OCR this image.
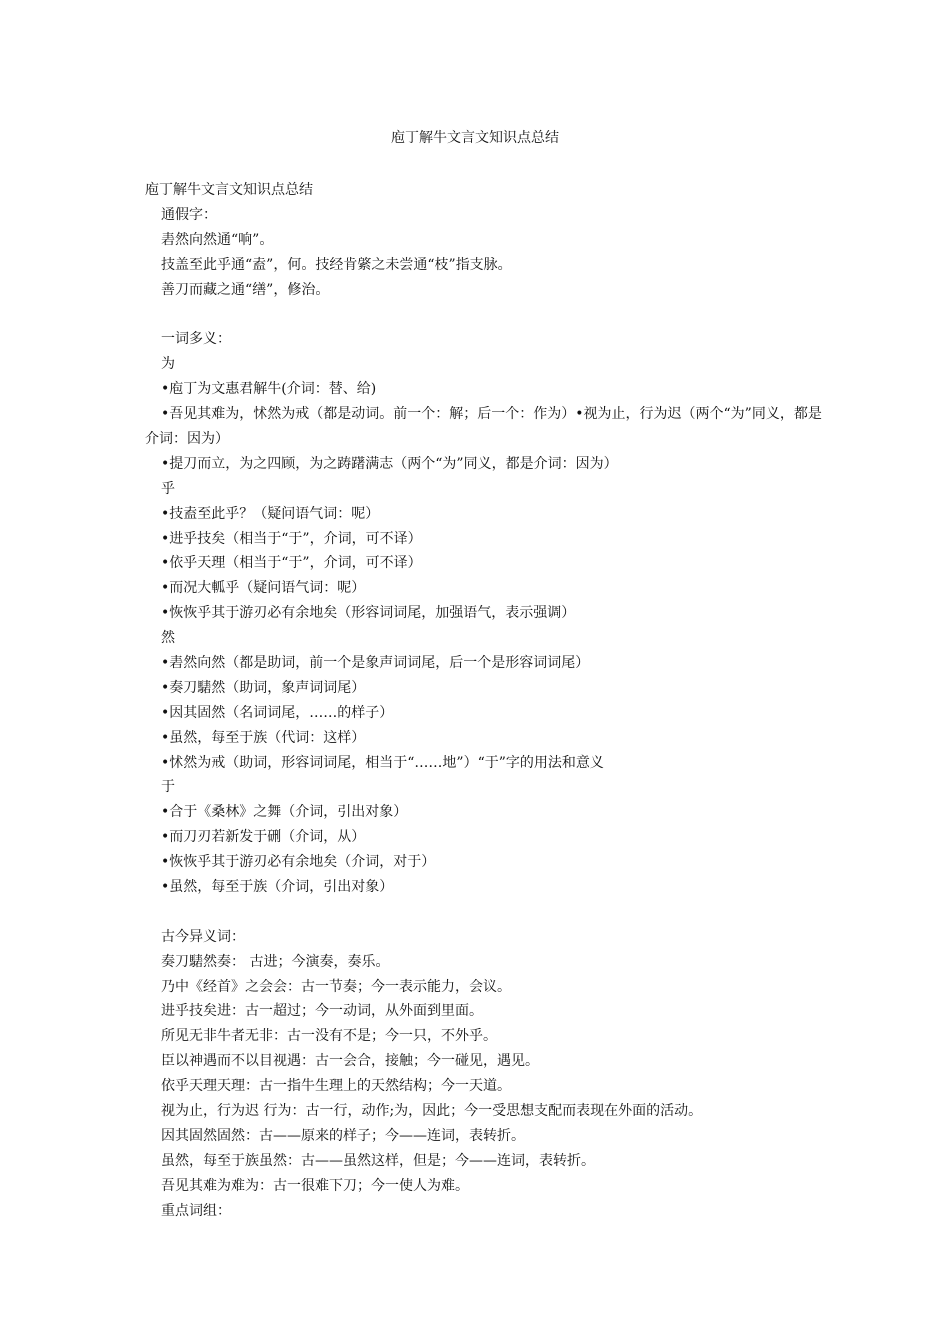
庖丁解牛文言文知识点总结
庖丁解牛文言文知识点总结
通假字：
砉然向然通“响”。
技盖至此乎通“盍”，何。技经肯綮之未尝通“枝”指支脉。
善刀而藏之通“缮”，修治。
一词多义：
为
•庖丁为文惠君解牛(介词：替、给)
•吾见其难为，怵然为戒（都是动词。前一个：解；后一个：作为）•视为止，行为迟（两个“为”同义，都是介词：因为）
•提刀而立，为之四顾，为之踌躇满志（两个“为”同义，都是介词：因为）
乎
•技盍至此乎？（疑问语气词：呢）
•进乎技矣（相当于“于”，介词，可不译）
•依乎天理（相当于“于”，介词，可不译）
•而况大軱乎（疑问语气词：呢）
•恢恢乎其于游刃必有余地矣（形容词词尾，加强语气，表示强调）
然
•砉然向然（都是助词，前一个是象声词词尾，后一个是形容词词尾）
•奏刀騞然（助词，象声词词尾）
•因其固然（名词词尾，……的样子）
•虽然，每至于族（代词：这样）
•怵然为戒（助词，形容词词尾，相当于“……地”）“于”字的用法和意义
于
•合于《桑林》之舞（介词，引出对象）
•而刀刃若新发于硎（介词，从）
•恢恢乎其于游刃必有余地矣（介词，对于）
•虽然，每至于族（介词，引出对象）
古今异义词：
奏刀騞然奏： 古进；今演奏，奏乐。
乃中《经首》之会会：古一节奏；今一表示能力，会议。
进乎技矣进：古一超过；今一动词，从外面到里面。
所见无非牛者无非：古一没有不是；今一只，不外乎。
臣以神遇而不以目视遇：古一会合，接触；今一碰见，遇见。
依乎天理天理：古一指牛生理上的天然结构；今一天道。
视为止，行为迟 行为：古一行，动作;为，因此；今一受思想支配而表现在外面的活动。
因其固然固然：古——原来的样子；今——连词，表转折。
虽然，每至于族虽然：古——虽然这样，但是；今——连词，表转折。
吾见其难为难为：古一很难下刀；今一使人为难。
重点词组：
